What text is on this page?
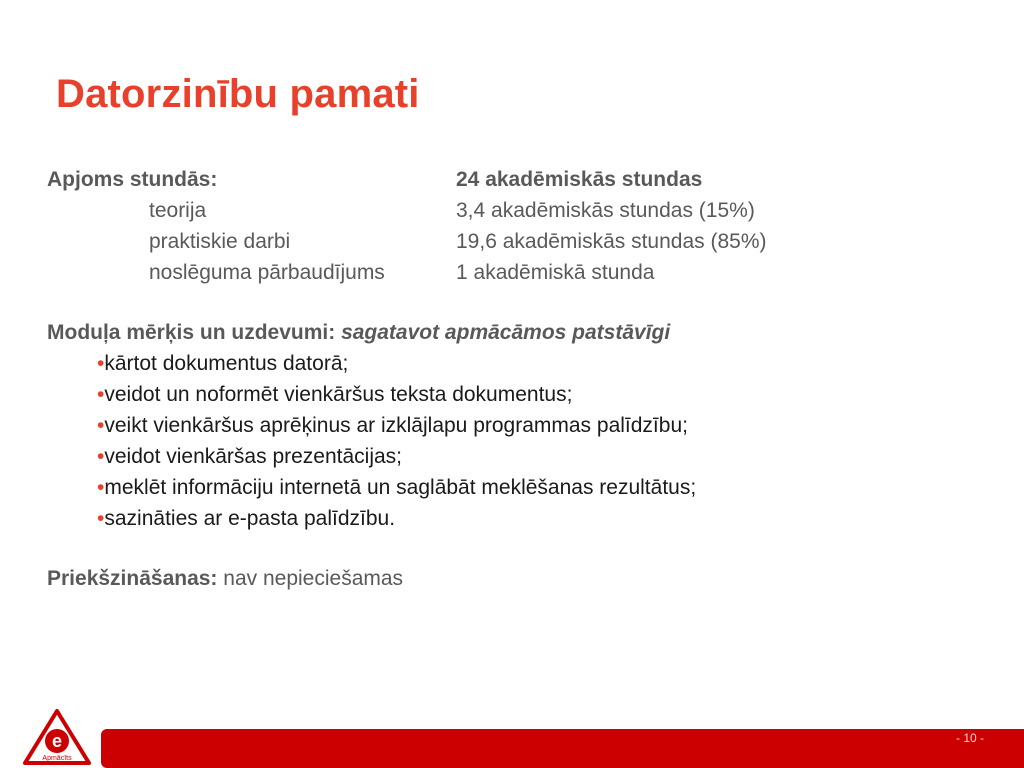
Datorzinību pamati
Apjoms stundās:	24 akadēmiskās stundas
teorija	3,4 akadēmiskās stundas (15%)
praktiskie darbi	19,6 akadēmiskās stundas (85%)
noslēguma pārbaudījums	1 akadēmiskā stunda
Moduļa mērķis un uzdevumi: sagatavot apmācāmos patstāvīgi
•kārtot dokumentus datorā;
•veidot un noformēt vienkāršus teksta dokumentus;
•veikt vienkāršus aprēķinus ar izklājlapu programmas palīdzību;
•veidot vienkāršas prezentācijas;
•meklēt informāciju internetā un saglābāt meklēšanas rezultātus;
•sazināties ar e-pasta palīdzību.
Priekšzināšanas: nav nepieciešamas
e
Apmācīts
- 10 -
